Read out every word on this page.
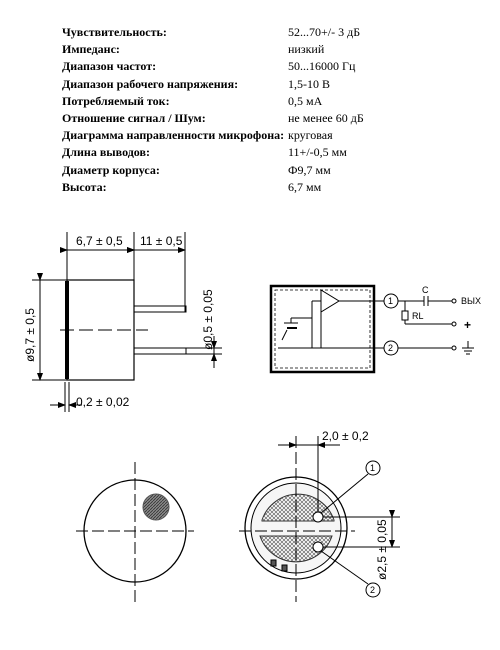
Чувствительность:	52...70+/- 3 дБ
Импеданс:	низкий
Диапазон частот:	50...16000 Гц
Диапазон рабочего напряжения:	1,5-10 В
Потребляемый ток:	0,5 мА
Отношение сигнал / Шум:	не менее 60 дБ
Диаграмма направленности микрофона: круговая
Длина выводов:	11+/-0,5 мм
Диаметр корпуса:	Ф9,7 мм
Высота:	6,7 мм
6,7 ± 0,5 11 ± 0,5
ø9,7 ± 0,5	ø0,5 ± 0,05
0,2 ± 0,02
1
2
C
RL
ВЫХ
+
2,0 ± 0,2
ø2,5 ± 0,05
1
2
